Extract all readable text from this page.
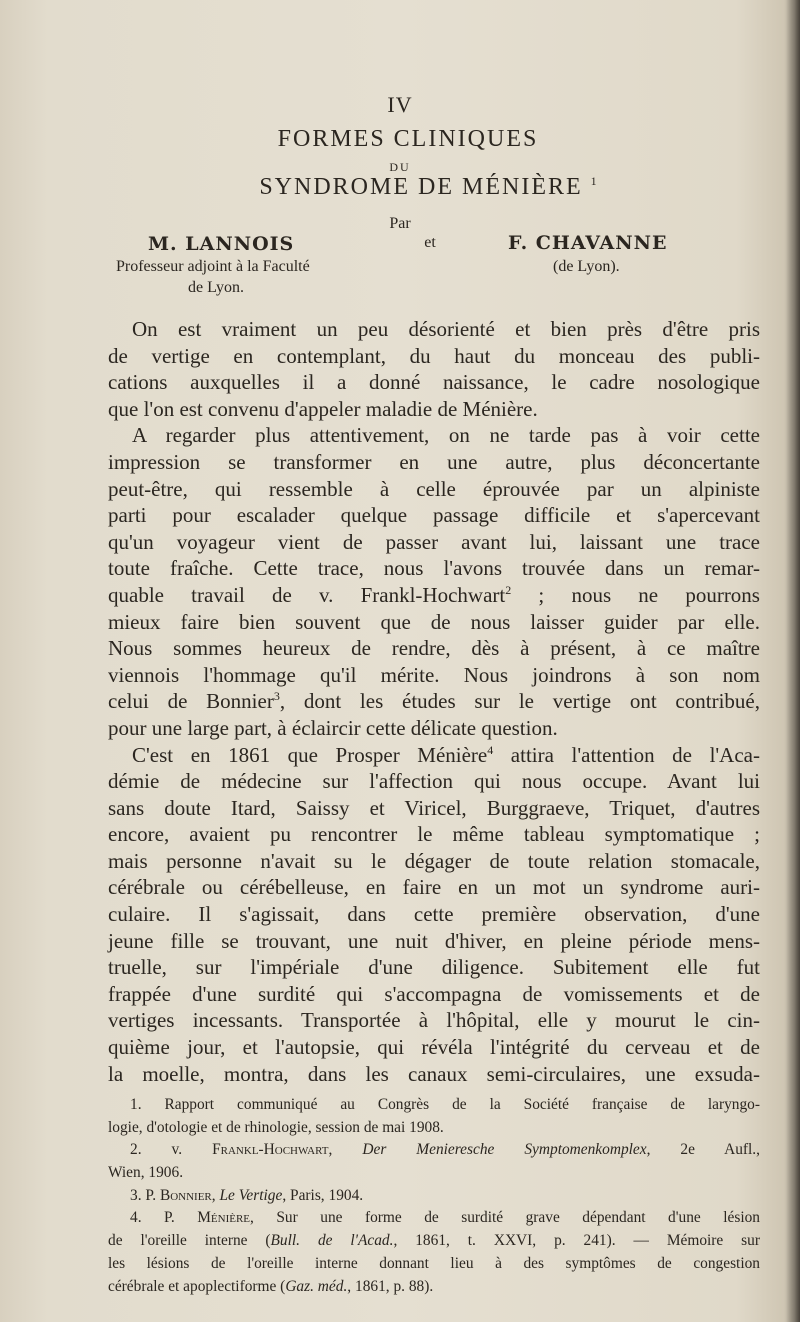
IV
FORMES CLINIQUES
DU
SYNDROME DE MÉNIÈRE $^1$
Par
et
M. LANNOIS	F. CHAVANNE
Professeur adjoint à la Faculté
de Lyon.
(de Lyon).
On est vraiment un peu désorienté et bien près d'être pris
de vertige en contemplant, du haut du monceau des publi-
cations auxquelles il a donné naissance, le cadre nosologique
que l'on est convenu d'appeler maladie de Ménière.
A regarder plus attentivement, on ne tarde pas à voir cette
impression se transformer en une autre, plus déconcertante
peut-être, qui ressemble à celle éprouvée par un alpiniste
parti pour escalader quelque passage difficile et s'apercevant
qu'un voyageur vient de passer avant lui, laissant une trace
toute fraîche. Cette trace, nous l'avons trouvée dans un remar-
quable travail de v. Frankl-Hochwart$^2$ ; nous ne pourrons
mieux faire bien souvent que de nous laisser guider par elle.
Nous sommes heureux de rendre, dès à présent, à ce maître
viennois l'hommage qu'il mérite. Nous joindrons à son nom
celui de Bonnier$^3$, dont les études sur le vertige ont contribué,
pour une large part, à éclaircir cette délicate question.
C'est en 1861 que Prosper Ménière$^4$ attira l'attention de l'Aca-
démie de médecine sur l'affection qui nous occupe. Avant lui
sans doute Itard, Saissy et Viricel, Burggraeve, Triquet, d'autres
encore, avaient pu rencontrer le même tableau symptomatique ;
mais personne n'avait su le dégager de toute relation stomacale,
cérébrale ou cérébelleuse, en faire en un mot un syndrome auri-
culaire. Il s'agissait, dans cette première observation, d'une
jeune fille se trouvant, une nuit d'hiver, en pleine période mens-
truelle, sur l'impériale d'une diligence. Subitement elle fut
frappée d'une surdité qui s'accompagna de vomissements et de
vertiges incessants. Transportée à l'hôpital, elle y mourut le cin-
quième jour, et l'autopsie, qui révéla l'intégrité du cerveau et de
la moelle, montra, dans les canaux semi-circulaires, une exsuda-
1. Rapport communiqué au Congrès de la Société française de laryngo-
logie, d'otologie et de rhinologie, session de mai 1908.
2. v. Frankl-Hochwart, Der Menieresche Symptomenkomplex, 2e Aufl.,
Wien, 1906.
3. P. Bonnier, Le Vertige, Paris, 1904.
4. P. Ménière, Sur une forme de surdité grave dépendant d'une lésion
de l'oreille interne (Bull. de l'Acad., 1861, t. XXVI, p. 241). — Mémoire sur
les lésions de l'oreille interne donnant lieu à des symptômes de congestion
cérébrale et apoplectiforme (Gaz. méd., 1861, p. 88).
